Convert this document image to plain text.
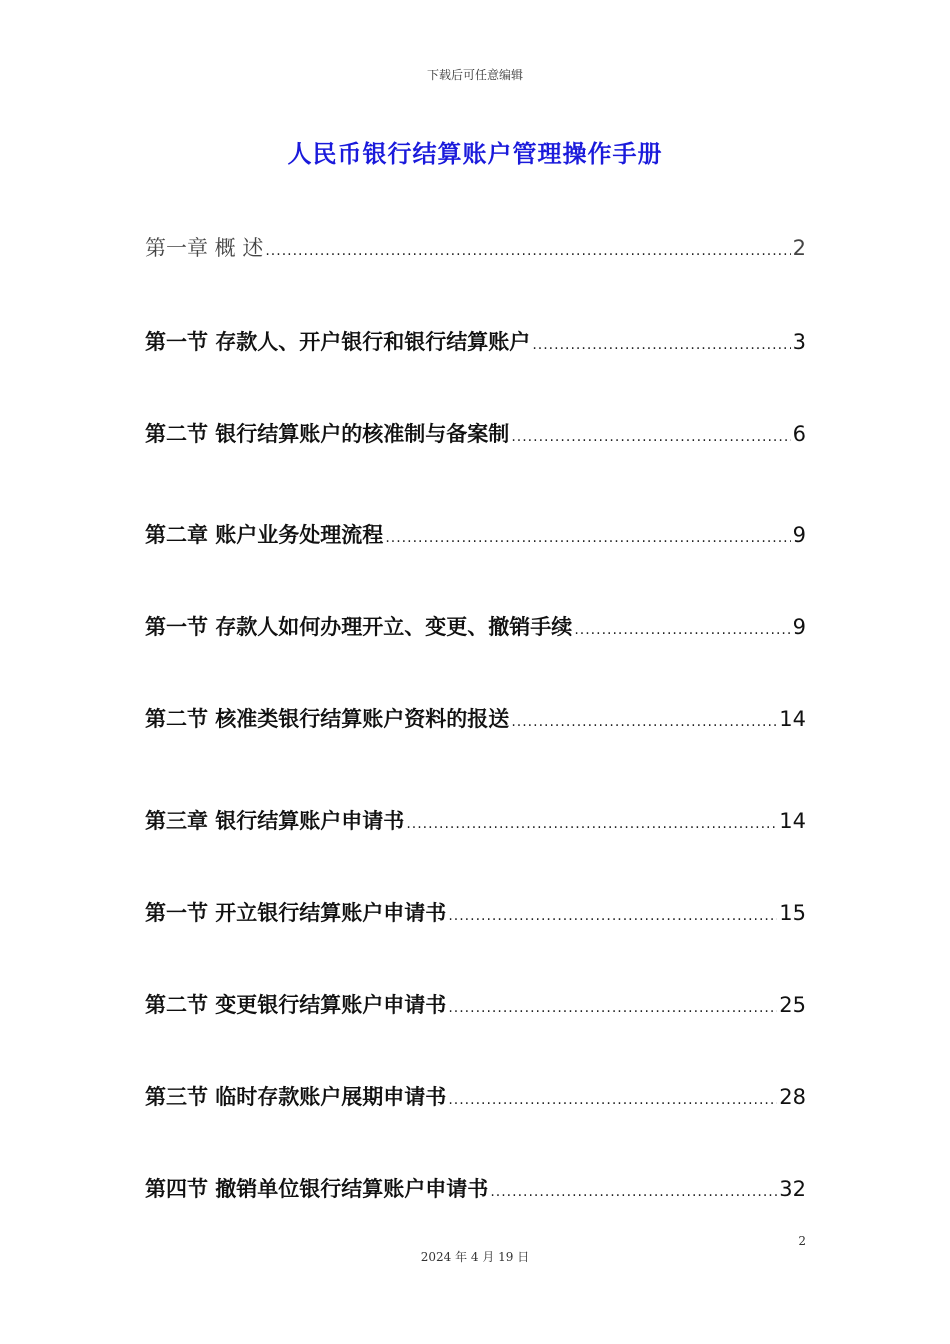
下载后可任意编辑
人民币银行结算账户管理操作手册
第一章 概 述 .....	2
第一节 存款人、开户银行和银行结算账户 .....	3
第二节 银行结算账户的核准制与备案制 .....	6
第二章 账户业务处理流程 .....	9
第一节 存款人如何办理开立、变更、撤销手续 .....	9
第二节 核准类银行结算账户资料的报送 .....	14
第三章 银行结算账户申请书 .....	14
第一节 开立银行结算账户申请书 .....	15
第二节 变更银行结算账户申请书 .....	25
第三节 临时存款账户展期申请书 .....	28
第四节 撤销单位银行结算账户申请书 .....	32
2
2024 年 4 月 19 日
